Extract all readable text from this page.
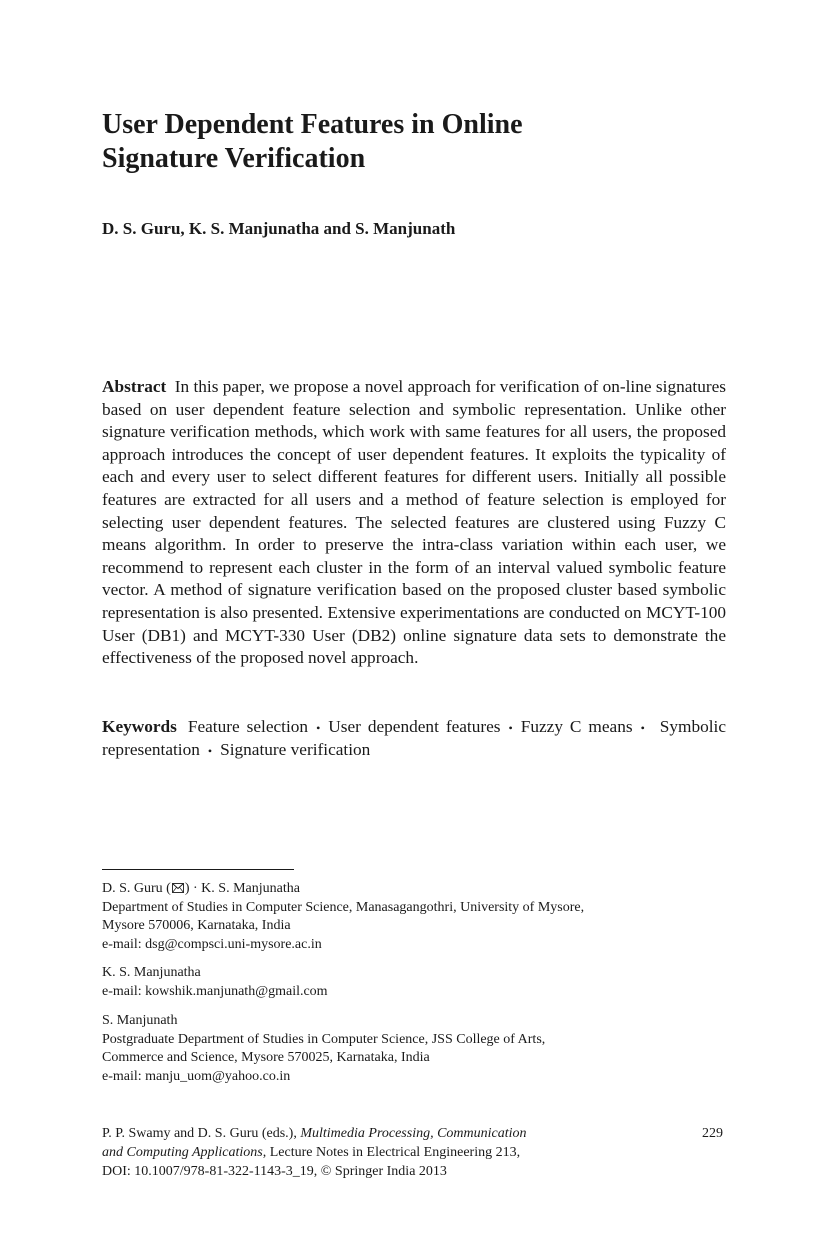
User Dependent Features in Online
Signature Verification
D. S. Guru, K. S. Manjunatha and S. Manjunath
Abstract In this paper, we propose a novel approach for verification of on-line signatures based on user dependent feature selection and symbolic representation. Unlike other signature verification methods, which work with same features for all users, the proposed approach introduces the concept of user dependent features. It exploits the typicality of each and every user to select different features for different users. Initially all possible features are extracted for all users and a method of feature selection is employed for selecting user dependent features. The selected features are clustered using Fuzzy C means algorithm. In order to preserve the intra-class variation within each user, we recommend to represent each cluster in the form of an interval valued symbolic feature vector. A method of signature verification based on the proposed cluster based symbolic representation is also presented. Extensive experimentations are conducted on MCYT-100 User (DB1) and MCYT-330 User (DB2) online signature data sets to demonstrate the effectiveness of the proposed novel approach.
Keywords Feature selection • User dependent features • Fuzzy C means • Symbolic representation • Signature verification
D. S. Guru ( ) · K. S. Manjunatha
Department of Studies in Computer Science, Manasagangothri, University of Mysore,
Mysore 570006, Karnataka, India
e-mail: dsg@compsci.uni-mysore.ac.in
K. S. Manjunatha
e-mail: kowshik.manjunath@gmail.com
S. Manjunath
Postgraduate Department of Studies in Computer Science, JSS College of Arts,
Commerce and Science, Mysore 570025, Karnataka, India
e-mail: manju_uom@yahoo.co.in
P. P. Swamy and D. S. Guru (eds.), Multimedia Processing, Communication
and Computing Applications, Lecture Notes in Electrical Engineering 213,
DOI: 10.1007/978-81-322-1143-3_19, © Springer India 2013
229
